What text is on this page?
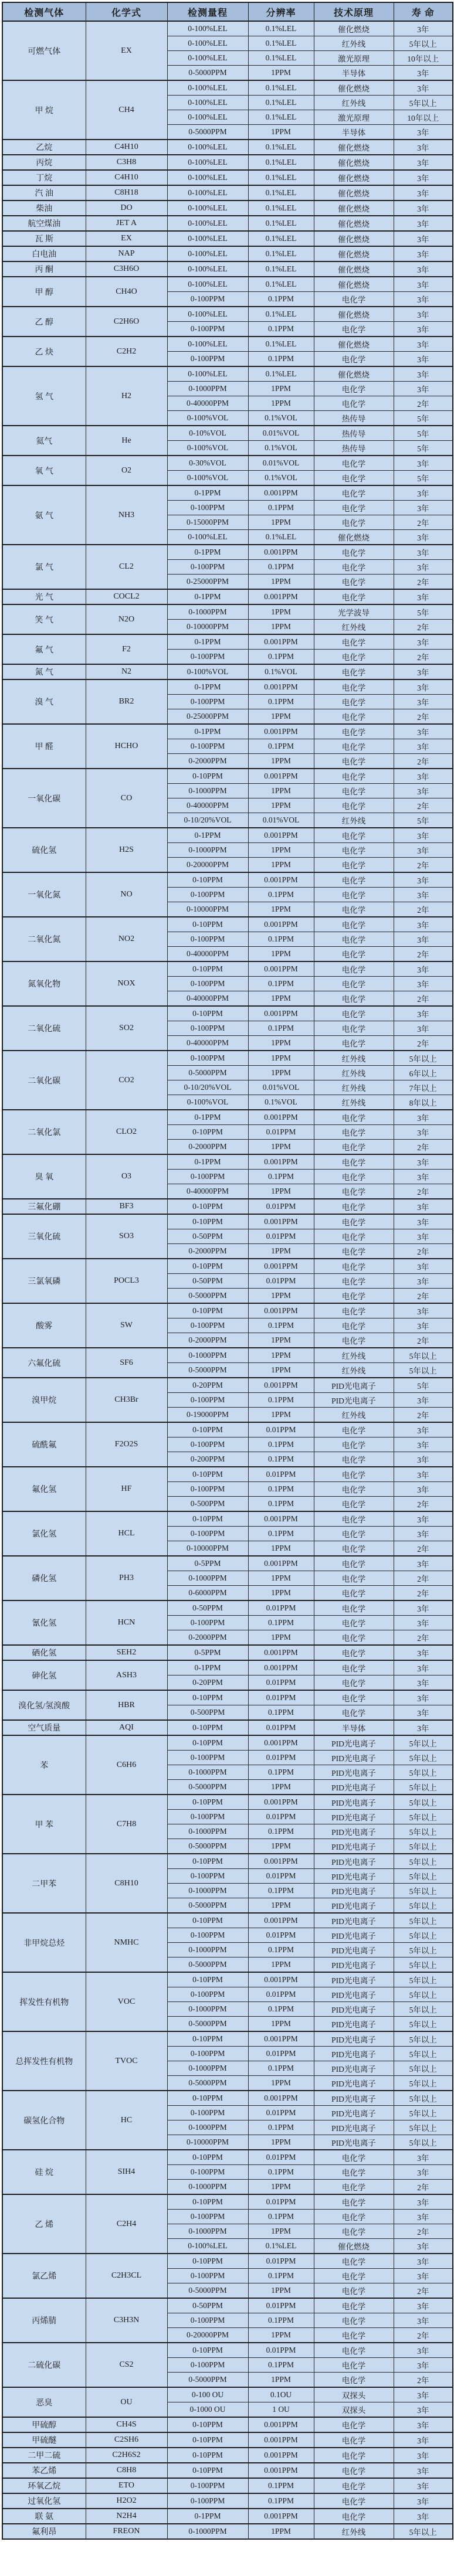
检测气体	化学式	检测量程	分辨率	技术原理	寿 命
可燃气体	EX	0-100%LEL	0.1%LEL	催化燃烧	3年
		0-100%LEL	0.1%LEL	红外线	5年以上
		0-100%LEL	0.1%LEL	激光原理	10年以上
		0-5000PPM	1PPM	半导体	3年
甲 烷	CH4	0-100%LEL	0.1%LEL	催化燃烧	3年
		0-100%LEL	0.1%LEL	红外线	5年以上
		0-100%LEL	0.1%LEL	激光原理	10年以上
		0-5000PPM	1PPM	半导体	3年
乙烷	C4H10	0-100%LEL	0.1%LEL	催化燃烧	3年
丙烷	C3H8	0-100%LEL	0.1%LEL	催化燃烧	3年
丁烷	C4H10	0-100%LEL	0.1%LEL	催化燃烧	3年
汽 油	C8H18	0-100%LEL	0.1%LEL	催化燃烧	3年
柴油	DO	0-100%LEL	0.1%LEL	催化燃烧	3年
航空煤油	JET A	0-100%LEL	0.1%LEL	催化燃烧	3年
瓦 斯	EX	0-100%LEL	0.1%LEL	催化燃烧	3年
白电油	NAP	0-100%LEL	0.1%LEL	催化燃烧	3年
丙 酮	C3H6O	0-100%LEL	0.1%LEL	催化燃烧	3年
甲 醇	CH4O	0-100%LEL	0.1%LEL	催化燃烧	3年
		0-100PPM	0.1PPM	电化学	3年
乙 醇	C2H6O	0-100%LEL	0.1%LEL	催化燃烧	3年
		0-100PPM	0.1PPM	电化学	3年
乙 炔	C2H2	0-100%LEL	0.1%LEL	催化燃烧	3年
		0-100PPM	0.1PPM	电化学	3年
氢 气	H2	0-100%LEL	0.1%LEL	催化燃烧	3年
		0-1000PPM	1PPM	电化学	3年
		0-40000PPM	1PPM	电化学	2年
		0-100%VOL	0.1%VOL	热传导	5年
氦气	He	0-10%VOL	0.01%VOL	热传导	5年
		0-100%VOL	0.1%VOL	热传导	5年
氧 气	O2	0-30%VOL	0.01%VOL	电化学	3年
		0-100%VOL	0.1%VOL	电化学	5年
氨 气	NH3	0-1PPM	0.001PPM	电化学	3年
		0-100PPM	0.1PPM	电化学	3年
		0-15000PPM	1PPM	电化学	2年
		0-100%LEL	0.1%LEL	催化燃烧	3年
氯 气	CL2	0-1PPM	0.001PPM	电化学	3年
		0-100PPM	0.1PPM	电化学	3年
		0-25000PPM	1PPM	电化学	2年
光 气	COCL2	0-1PPM	0.001PPM	电化学	3年
笑 气	N2O	0-1000PPM	1PPM	光学波导	5年
		0-10000PPM	1PPM	红外线	2年
氟 气	F2	0-1PPM	0.001PPM	电化学	3年
		0-100PPM	0.1PPM	电化学	2年
氮 气	N2	0-100%VOL	0.1%VOL	电化学	3年
溴 气	BR2	0-1PPM	0.001PPM	电化学	3年
		0-100PPM	0.1PPM	电化学	3年
		0-25000PPM	1PPM	电化学	2年
甲 醛	HCHO	0-1PPM	0.001PPM	电化学	3年
		0-100PPM	0.1PPM	电化学	3年
		0-2000PPM	1PPM	电化学	2年
一氧化碳	CO	0-10PPM	0.001PPM	电化学	3年
		0-1000PPM	1PPM	电化学	3年
		0-40000PPM	1PPM	电化学	2年
		0-10/20%VOL	0.01%VOL	红外线	5年
硫化氢	H2S	0-1PPM	0.001PPM	电化学	3年
		0-1000PPM	1PPM	电化学	3年
		0-20000PPM	1PPM	电化学	2年
一氧化氮	NO	0-10PPM	0.001PPM	电化学	3年
		0-100PPM	0.1PPM	电化学	3年
		0-10000PPM	1PPM	电化学	2年
二氧化氮	NO2	0-10PPM	0.001PPM	电化学	3年
		0-100PPM	0.1PPM	电化学	3年
		0-40000PPM	1PPM	电化学	2年
氮氧化物	NOX	0-10PPM	0.001PPM	电化学	3年
		0-100PPM	0.1PPM	电化学	3年
		0-40000PPM	1PPM	电化学	2年
二氧化硫	SO2	0-10PPM	0.001PPM	电化学	3年
		0-100PPM	0.1PPM	电化学	3年
		0-40000PPM	1PPM	电化学	2年
二氧化碳	CO2	0-100PPM	1PPM	红外线	5年以上
		0-5000PPM	1PPM	红外线	6年以上
		0-10/20%VOL	0.01%VOL	红外线	7年以上
		0-100%VOL	0.1%VOL	红外线	8年以上
二氧化氯	CLO2	0-1PPM	0.001PPM	电化学	3年
		0-10PPM	0.01PPM	电化学	3年
		0-2000PPM	1PPM	电化学	2年
臭 氧	O3	0-1PPM	0.001PPM	电化学	3年
		0-100PPM	0.1PPM	电化学	3年
		0-40000PPM	1PPM	电化学	2年
三氟化硼	BF3	0-10PPM	0.01PPM	电化学	3年
三氧化硫	SO3	0-10PPM	0.001PPM	电化学	3年
		0-50PPM	0.01PPM	电化学	3年
		0-2000PPM	1PPM	电化学	2年
三氯氧磷	POCL3	0-10PPM	0.001PPM	电化学	3年
		0-50PPM	0.01PPM	电化学	3年
		0-5000PPM	1PPM	电化学	2年
酸雾	SW	0-10PPM	0.001PPM	电化学	3年
		0-100PPM	0.1PPM	电化学	3年
		0-2000PPM	1PPM	电化学	2年
六氟化硫	SF6	0-1000PPM	1PPM	红外线	5年以上
		0-5000PPM	1PPM	红外线	5年以上
溴甲烷	CH3Br	0-20PPM	0.001PPM	PID光电离子	5年
		0-100PPM	0.1PPM	PID光电离子	3年
		0-19000PPM	1PPM	红外线	2年
硫酰氟	F2O2S	0-10PPM	0.01PPM	电化学	3年
		0-100PPM	0.1PPM	电化学	3年
		0-200PPM	0.1PPM	电化学	3年
氟化氢	HF	0-10PPM	0.01PPM	电化学	3年
		0-100PPM	0.1PPM	电化学	3年
		0-500PPM	0.1PPM	电化学	2年
氯化氢	HCL	0-10PPM	0.001PPM	电化学	3年
		0-100PPM	0.1PPM	电化学	3年
		0-10000PPM	1PPM	电化学	2年
磷化氢	PH3	0-5PPM	0.001PPM	电化学	3年
		0-1000PPM	1PPM	电化学	2年
		0-6000PPM	1PPM	电化学	2年
氰化氢	HCN	0-50PPM	0.01PPM	电化学	3年
		0-100PPM	0.1PPM	电化学	3年
		0-2000PPM	1PPM	电化学	2年
硒化氢	SEH2	0-5PPM	0.001PPM	电化学	3年
砷化氢	ASH3	0-1PPM	0.001PPM	电化学	3年
		0-20PPM	0.01PPM	电化学	3年
溴化氢/氢溴酸	HBR	0-10PPM	0.01PPM	电化学	3年
		0-500PPM	0.1PPM	电化学	3年
空气质量	AQI	0-10PPM	0.01PPM	半导体	3年
苯	C6H6	0-10PPM	0.001PPM	PID光电离子	5年以上
		0-100PPM	0.01PPM	PID光电离子	5年以上
		0-1000PPM	0.1PPM	PID光电离子	5年以上
		0-5000PPM	1PPM	PID光电离子	5年以上
甲 苯	C7H8	0-10PPM	0.001PPM	PID光电离子	5年以上
		0-100PPM	0.01PPM	PID光电离子	5年以上
		0-1000PPM	0.1PPM	PID光电离子	5年以上
		0-5000PPM	1PPM	PID光电离子	5年以上
二甲苯	C8H10	0-10PPM	0.001PPM	PID光电离子	5年以上
		0-100PPM	0.01PPM	PID光电离子	5年以上
		0-1000PPM	0.1PPM	PID光电离子	5年以上
		0-5000PPM	1PPM	PID光电离子	5年以上
非甲烷总烃	NMHC	0-10PPM	0.001PPM	PID光电离子	5年以上
		0-100PPM	0.01PPM	PID光电离子	5年以上
		0-1000PPM	0.1PPM	PID光电离子	5年以上
		0-5000PPM	1PPM	PID光电离子	5年以上
挥发性有机物	VOC	0-10PPM	0.001PPM	PID光电离子	5年以上
		0-100PPM	0.01PPM	PID光电离子	5年以上
		0-1000PPM	0.1PPM	PID光电离子	5年以上
		0-5000PPM	1PPM	PID光电离子	5年以上
总挥发性有机物	TVOC	0-10PPM	0.001PPM	PID光电离子	5年以上
		0-100PPM	0.01PPM	PID光电离子	5年以上
		0-1000PPM	0.1PPM	PID光电离子	5年以上
		0-5000PPM	1PPM	PID光电离子	5年以上
碳氢化合物	HC	0-10PPM	0.001PPM	PID光电离子	5年以上
		0-100PPM	0.01PPM	PID光电离子	5年以上
		0-1000PPM	0.1PPM	PID光电离子	5年以上
		0-10000PPM	1PPM	PID光电离子	5年以上
硅 烷	SIH4	0-10PPM	0.01PPM	电化学	3年
		0-100PPM	0.1PPM	电化学	3年
		0-1000PPM	1PPM	电化学	2年
乙 烯	C2H4	0-10PPM	0.01PPM	电化学	3年
		0-100PPM	0.1PPM	电化学	3年
		0-1000PPM	1PPM	电化学	2年
		0-100%LEL	0.1%LEL	催化燃烧	3年
氯乙烯	C2H3CL	0-10PPM	0.01PPM	电化学	3年
		0-100PPM	0.1PPM	电化学	3年
		0-5000PPM	1PPM	电化学	2年
丙烯腈	C3H3N	0-50PPM	0.01PPM	电化学	3年
		0-100PPM	0.1PPM	电化学	3年
		0-20000PPM	1PPM	电化学	2年
二硫化碳	CS2	0-10PPM	0.01PPM	电化学	3年
		0-100PPM	0.1PPM	电化学	3年
		0-5000PPM	1PPM	电化学	2年
恶臭	OU	0-100 OU	0.1OU	双探头	3年
		0-1000 OU	1 OU	双探头	3年
甲硫醇	CH4S	0-10PPM	0.001PPM	电化学	3年
甲硫醚	C2SH6	0-10PPM	0.001PPM	电化学	3年
二甲二硫	C2H6S2	0-10PPM	0.001PPM	电化学	3年
苯乙烯	C8H8	0-10PPM	0.001PPM	电化学	3年
环氧乙烷	ETO	0-100PPM	0.1PPM	电化学	3年
过氧化氢	H2O2	0-100PPM	0.1PPM	电化学	3年
联 氨	N2H4	0-1PPM	0.001PPM	电化学	3年
氟利昂	FREON	0-1000PPM	1PPM	红外线	5年以上
